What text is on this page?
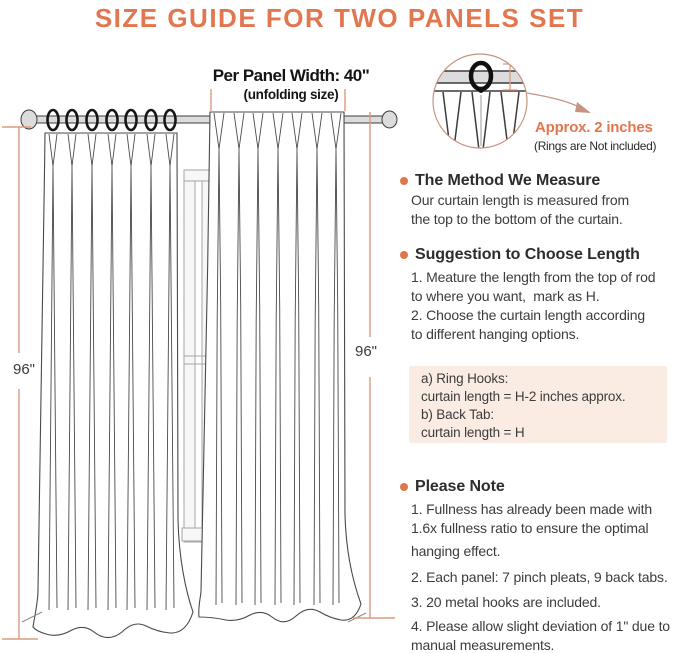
SIZE GUIDE FOR TWO PANELS SET
Per Panel Width: 40"
(unfolding size)
96"
96"
Approx. 2 inches
(Rings are Not included)
The Method We Measure
Our curtain length is measured from
the top to the bottom of the curtain.
Suggestion to Choose Length
1. Meature the length from the top of rod
to where you want,  mark as H.
2. Choose the curtain length according
to different hanging options.
a) Ring Hooks:
curtain length = H-2 inches approx.
b) Back Tab:
curtain length = H
Please Note
1. Fullness has already been made with
1.6x fullness ratio to ensure the optimal
hanging effect.
2. Each panel: 7 pinch pleats, 9 back tabs.
3. 20 metal hooks are included.
4. Please allow slight deviation of 1" due to
manual measurements.
